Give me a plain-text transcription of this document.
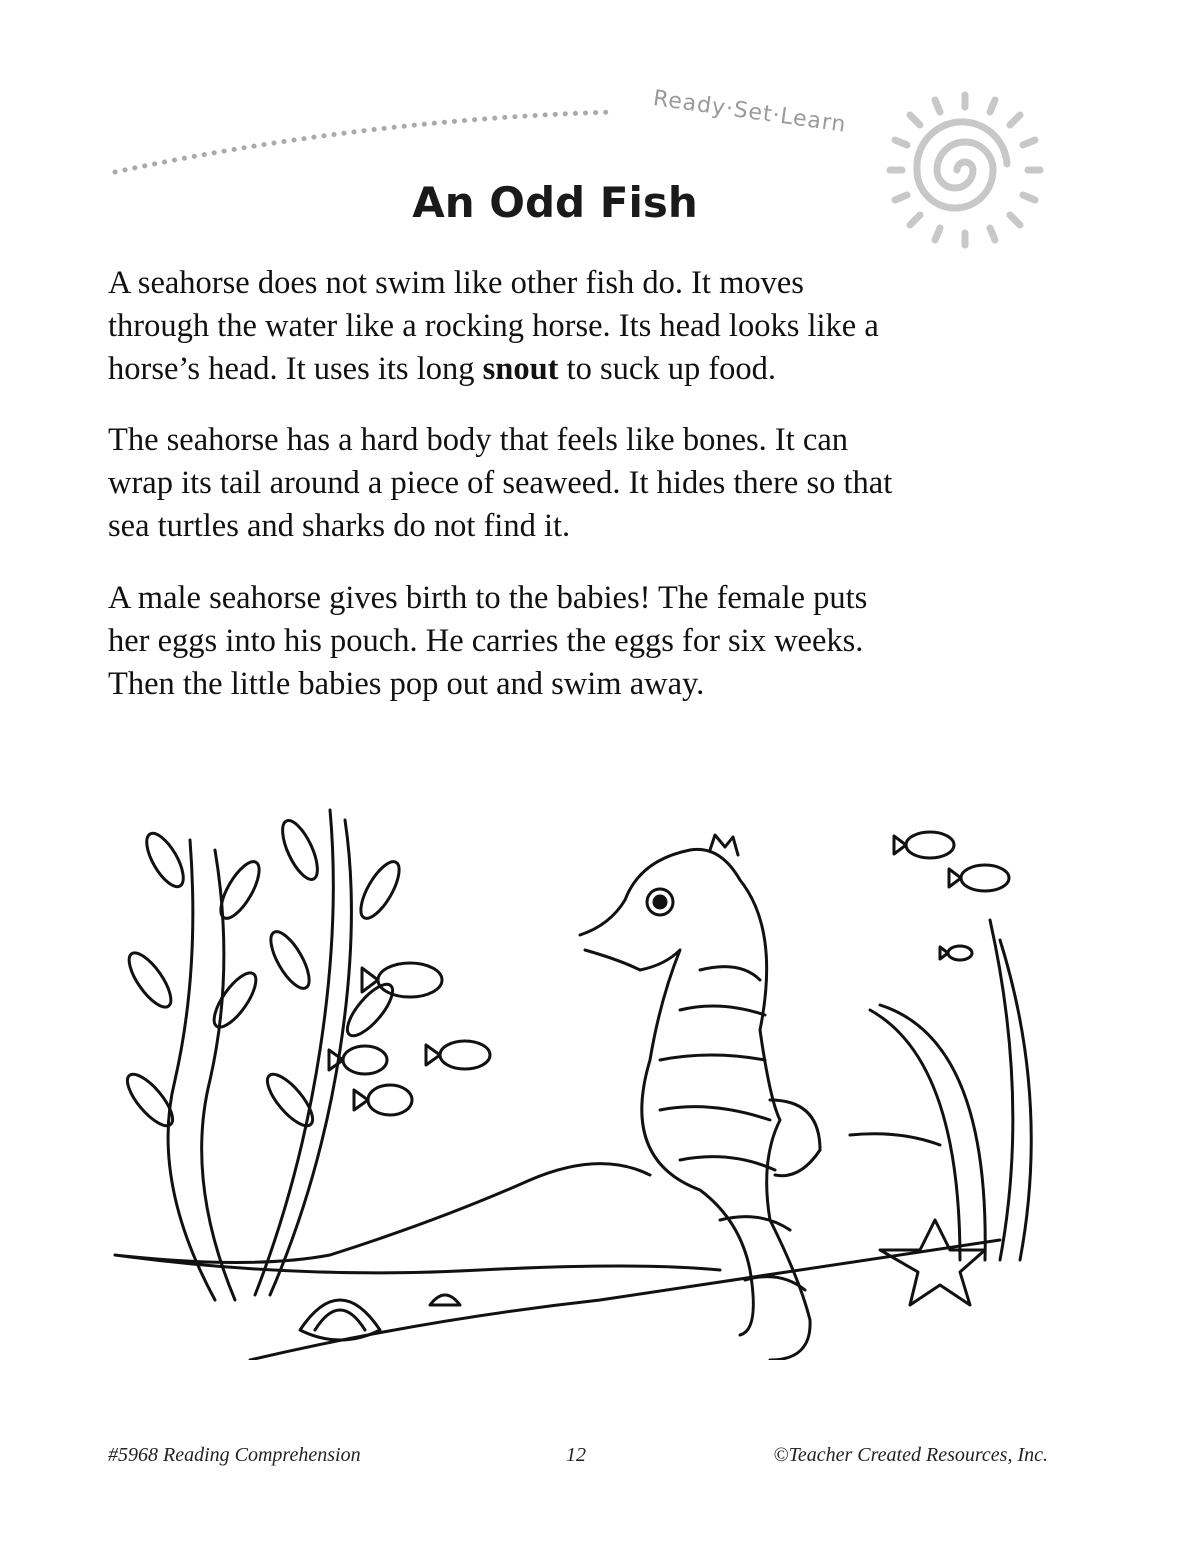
Ready·Set·Learn
An Odd Fish
A seahorse does not swim like other fish do. It moves
through the water like a rocking horse. Its head looks like a
horse’s head. It uses its long snout to suck up food.
The seahorse has a hard body that feels like bones. It can
wrap its tail around a piece of seaweed. It hides there so that
sea turtles and sharks do not find it.
A male seahorse gives birth to the babies! The female puts
her eggs into his pouch. He carries the eggs for six weeks.
Then the little babies pop out and swim away.
#5968 Reading Comprehension	12	©Teacher Created Resources, Inc.
